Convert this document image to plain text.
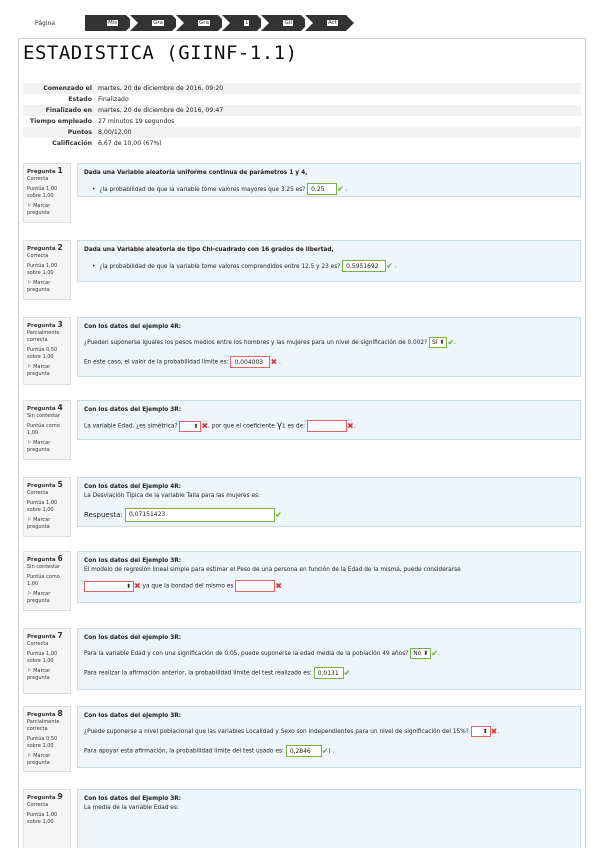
Página	Mis	Gra	Gra	1	GII	Act
ESTADISTICA (GIINF-1.1)
Comenzado el	martes, 20 de diciembre de 2016, 09:20
Estado	Finalizado
Finalizado en	martes, 20 de diciembre de 2016, 09:47
Tiempo empleado	27 minutos 19 segundos
Puntos	8,00/12,00
Calificación	6,67 de 10,00 (67%)
Pregunta 1
Correcta
Puntúa 1,00 sobre 1,00
⚐ Marcar pregunta
Dada una Variable aleatoria uniforme continua de parámetros 1 y 4,
• ¿la probabilidad de que la variable tome valores mayores que 3.25 es? 0,25 ✔ .
Pregunta 2
Correcta
Puntúa 1,00 sobre 1,00
⚐ Marcar pregunta
Dada una Variable aleatoria de tipo Chi-cuadrado con 16 grados de libertad,
• ¿la probabilidad de que la variable tome valores comprendidos entre 12.5 y 23 es? 0,5951692 ✔ .
Pregunta 3
Parcialmente correcta
Puntúa 0,50 sobre 1,00
⚐ Marcar pregunta
Con los datos del ejemplo 4R:
¿Pueden suponerse iguales los pesos medios entre los hombres y las mujeres para un nivel de significación de 0.002? Sí ⬍ ✔.
En este caso, el valor de la probabilidad límite es: 0,004003 ✖ .
Pregunta 4
Sin contestar
Puntúa como 1,00
⚐ Marcar pregunta
Con los datos del Ejemplo 3R:
La variable Edad, ¿es simétrica?	⬍ ✖, por que el coeficiente γ₁ es de:	✖.
Pregunta 5
Correcta
Puntúa 1,00 sobre 1,00
⚐ Marcar pregunta
Con los datos del Ejemplo 4R:
La Desviación Típica de la variable Talla para las mujeres es:
Respuesta: 0,07151423	✔
Pregunta 6
Sin contestar
Puntúa como 1,00
⚐ Marcar pregunta
Con los datos del Ejemplo 3R:
El modelo de regresión lineal simple para estimar el Peso de una persona en función de la Edad de la misma, puede considerarse
⬍ ✖ ya que la bondad del mismo es	✖
Pregunta 7
Correcta
Puntúa 1,00 sobre 1,00
⚐ Marcar pregunta
Con los datos del ejemplo 3R:
Para la variable Edad y con una significación de 0.05, puede suponerse la edad media de la población 49 años? No ⬍ ✔.
Para realizar la afirmación anterior, la probabilidad límite del test realizado es: 0,0131 ✔
Pregunta 8
Parcialmente correcta
Puntúa 0,50 sobre 1,00
⚐ Marcar pregunta
Con los datos del ejemplo 3R:
¿Puede suponerse a nivel poblacional que las variables Localidad y Sexo son independientes para un nivel de significación del 15%? ⬍ ✖.
Para apoyar esta afirmación, la probabilidad límite del test usado es: 0,2846 ✔) .
Pregunta 9
Correcta
Puntúa 1,00 sobre 1,00
Con los datos del Ejemplo 3R:
La media de la variable Edad es:
